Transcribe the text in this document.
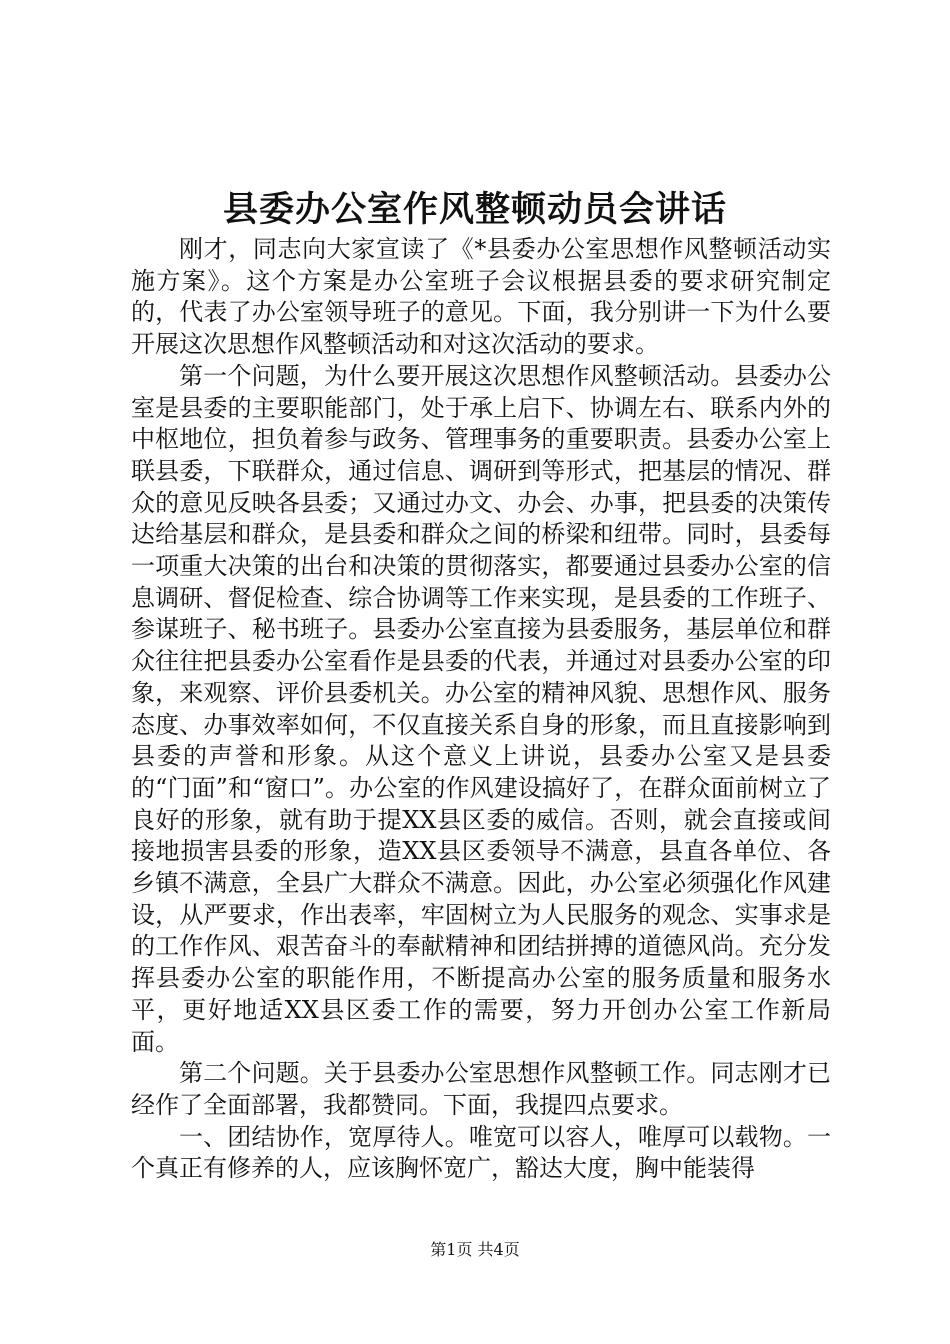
县委办公室作风整顿动员会讲话

刚才，同志向大家宣读了《*县委办公室思想作风整顿活动实施方案》。这个方案是办公室班子会议根据县委的要求研究制定的，代表了办公室领导班子的意见。下面，我分别讲一下为什么要开展这次思想作风整顿活动和对这次活动的要求。

第一个问题，为什么要开展这次思想作风整顿活动。县委办公室是县委的主要职能部门，处于承上启下、协调左右、联系内外的中枢地位，担负着参与政务、管理事务的重要职责。县委办公室上联县委，下联群众，通过信息、调研到等形式，把基层的情况、群众的意见反映各县委；又通过办文、办会、办事，把县委的决策传达给基层和群众，是县委和群众之间的桥梁和纽带。同时，县委每一项重大决策的出台和决策的贯彻落实，都要通过县委办公室的信息调研、督促检查、综合协调等工作来实现，是县委的工作班子、参谋班子、秘书班子。县委办公室直接为县委服务，基层单位和群众往往把县委办公室看作是县委的代表，并通过对县委办公室的印象，来观察、评价县委机关。办公室的精神风貌、思想作风、服务态度、办事效率如何，不仅直接关系自身的形象，而且直接影响到县委的声誉和形象。从这个意义上讲说，县委办公室又是县委的“门面”和“窗口”。办公室的作风建设搞好了，在群众面前树立了良好的形象，就有助于提XX县区委的威信。否则，就会直接或间接地损害县委的形象，造XX县区委领导不满意，县直各单位、各乡镇不满意，全县广大群众不满意。因此，办公室必须强化作风建设，从严要求，作出表率，牢固树立为人民服务的观念、实事求是的工作作风、艰苦奋斗的奉献精神和团结拼搏的道德风尚。充分发挥县委办公室的职能作用，不断提高办公室的服务质量和服务水平，更好地适XX县区委工作的需要，努力开创办公室工作新局面。

第二个问题。关于县委办公室思想作风整顿工作。同志刚才已经作了全面部署，我都赞同。下面，我提四点要求。

一、团结协作，宽厚待人。唯宽可以容人，唯厚可以载物。一个真正有修养的人，应该胸怀宽广，豁达大度，胸中能装得

第1页 共4页
